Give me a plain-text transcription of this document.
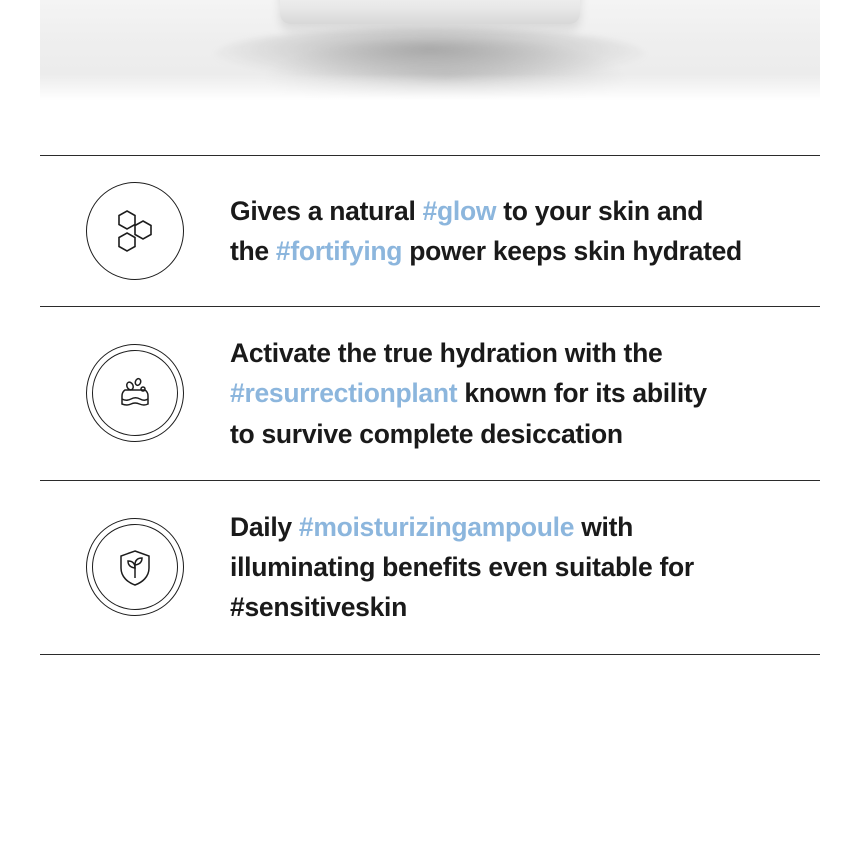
Gives a natural #glow to your skin and
the #fortifying power keeps skin hydrated
Activate the true hydration with the
#resurrectionplant known for its ability
to survive complete desiccation
Daily #moisturizingampoule with
illuminating benefits even suitable for
#sensitiveskin
